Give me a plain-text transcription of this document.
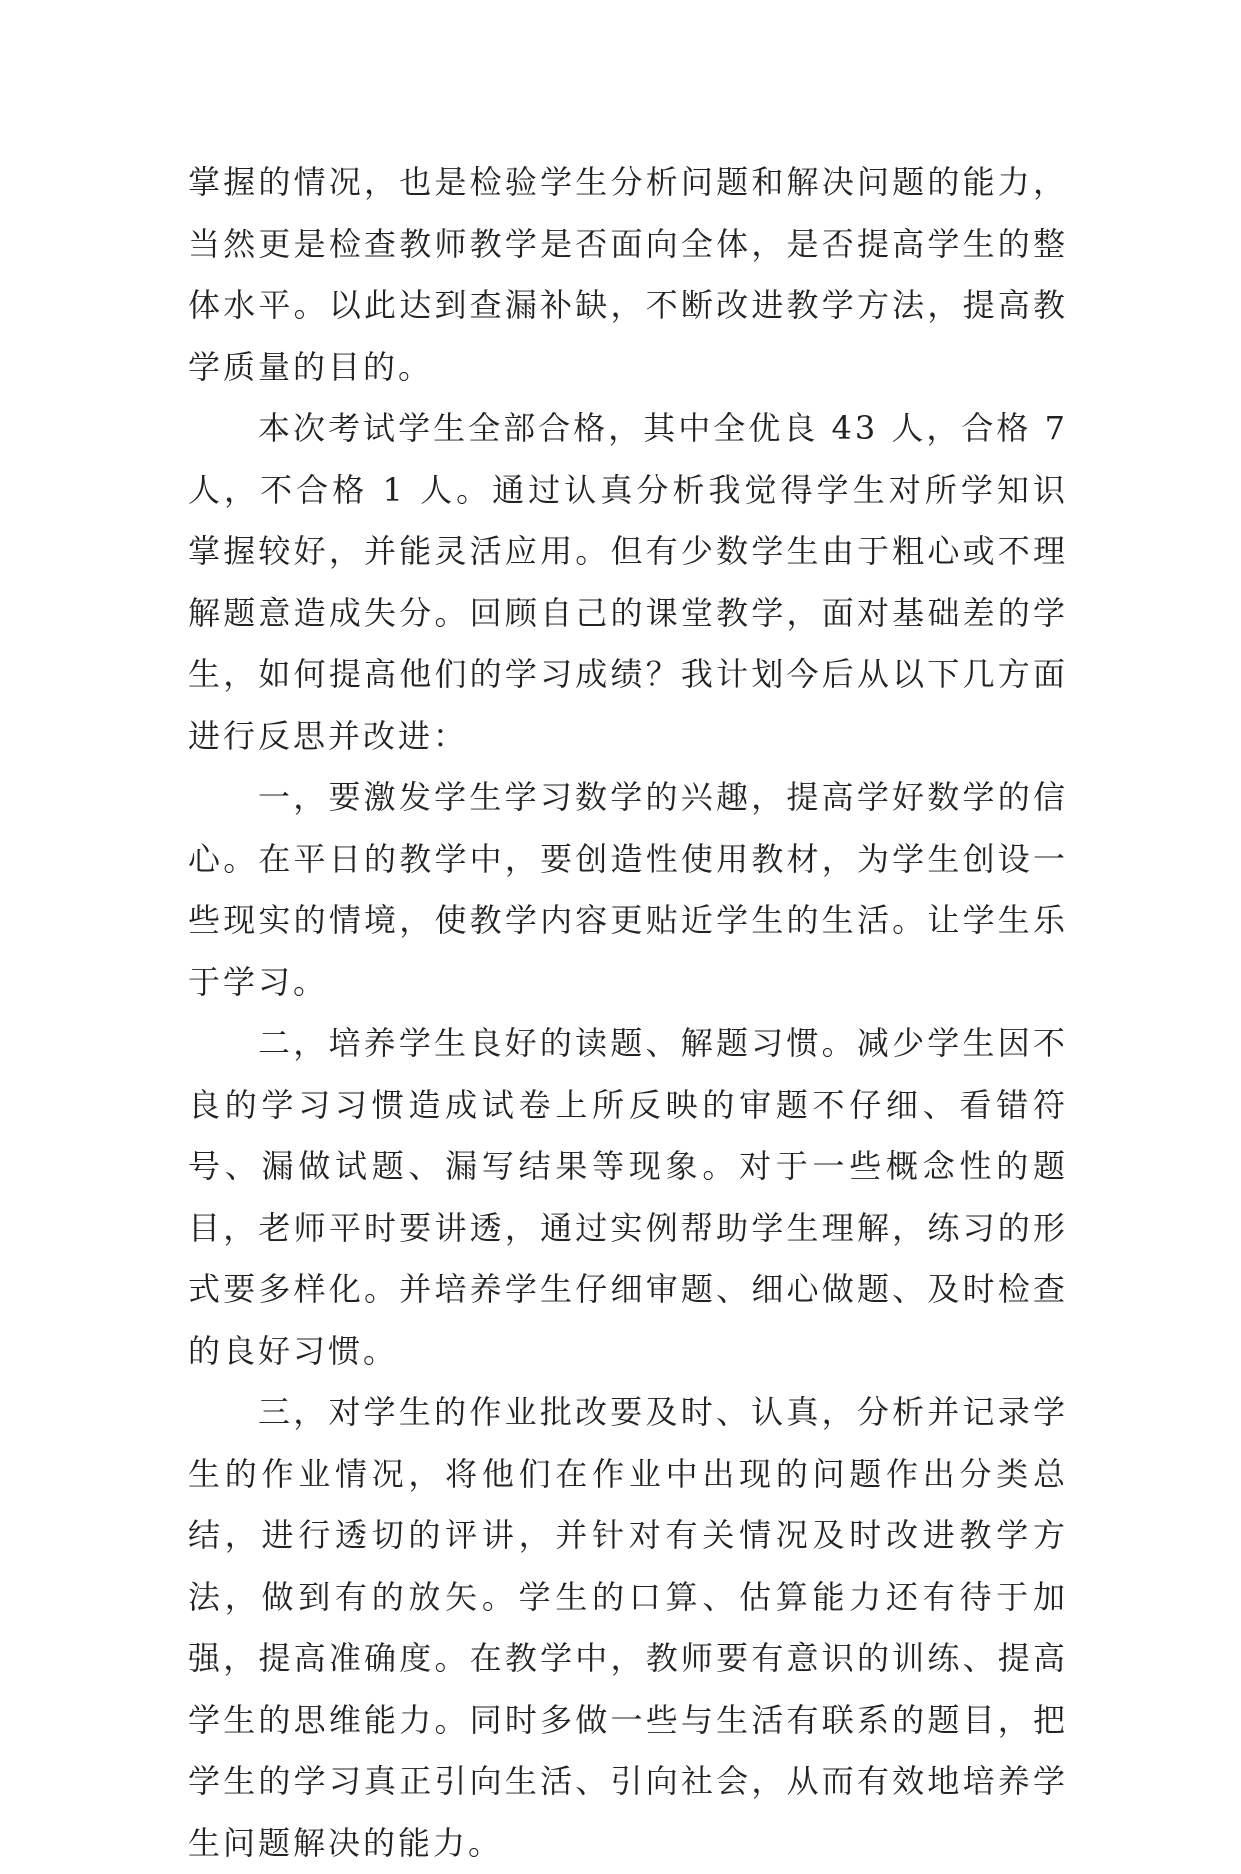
掌握的情况，也是检验学生分析问题和解决问题的能力，当然更是检查教师教学是否面向全体，是否提高学生的整体水平。以此达到查漏补缺，不断改进教学方法，提高教学质量的目的。

本次考试学生全部合格，其中全优良 43 人，合格 7 人，不合格 1 人。通过认真分析我觉得学生对所学知识掌握较好，并能灵活应用。但有少数学生由于粗心或不理解题意造成失分。回顾自己的课堂教学，面对基础差的学生，如何提高他们的学习成绩？我计划今后从以下几方面进行反思并改进：

一，要激发学生学习数学的兴趣，提高学好数学的信心。在平日的教学中，要创造性使用教材，为学生创设一些现实的情境，使教学内容更贴近学生的生活。让学生乐于学习。

二，培养学生良好的读题、解题习惯。减少学生因不良的学习习惯造成试卷上所反映的审题不仔细、看错符号、漏做试题、漏写结果等现象。对于一些概念性的题目，老师平时要讲透，通过实例帮助学生理解，练习的形式要多样化。并培养学生仔细审题、细心做题、及时检查的良好习惯。

三，对学生的作业批改要及时、认真，分析并记录学生的作业情况，将他们在作业中出现的问题作出分类总结，进行透切的评讲，并针对有关情况及时改进教学方法，做到有的放矢。学生的口算、估算能力还有待于加强，提高准确度。在教学中，教师要有意识的训练、提高学生的思维能力。同时多做一些与生活有联系的题目，把学生的学习真正引向生活、引向社会，从而有效地培养学生问题解决的能力。
